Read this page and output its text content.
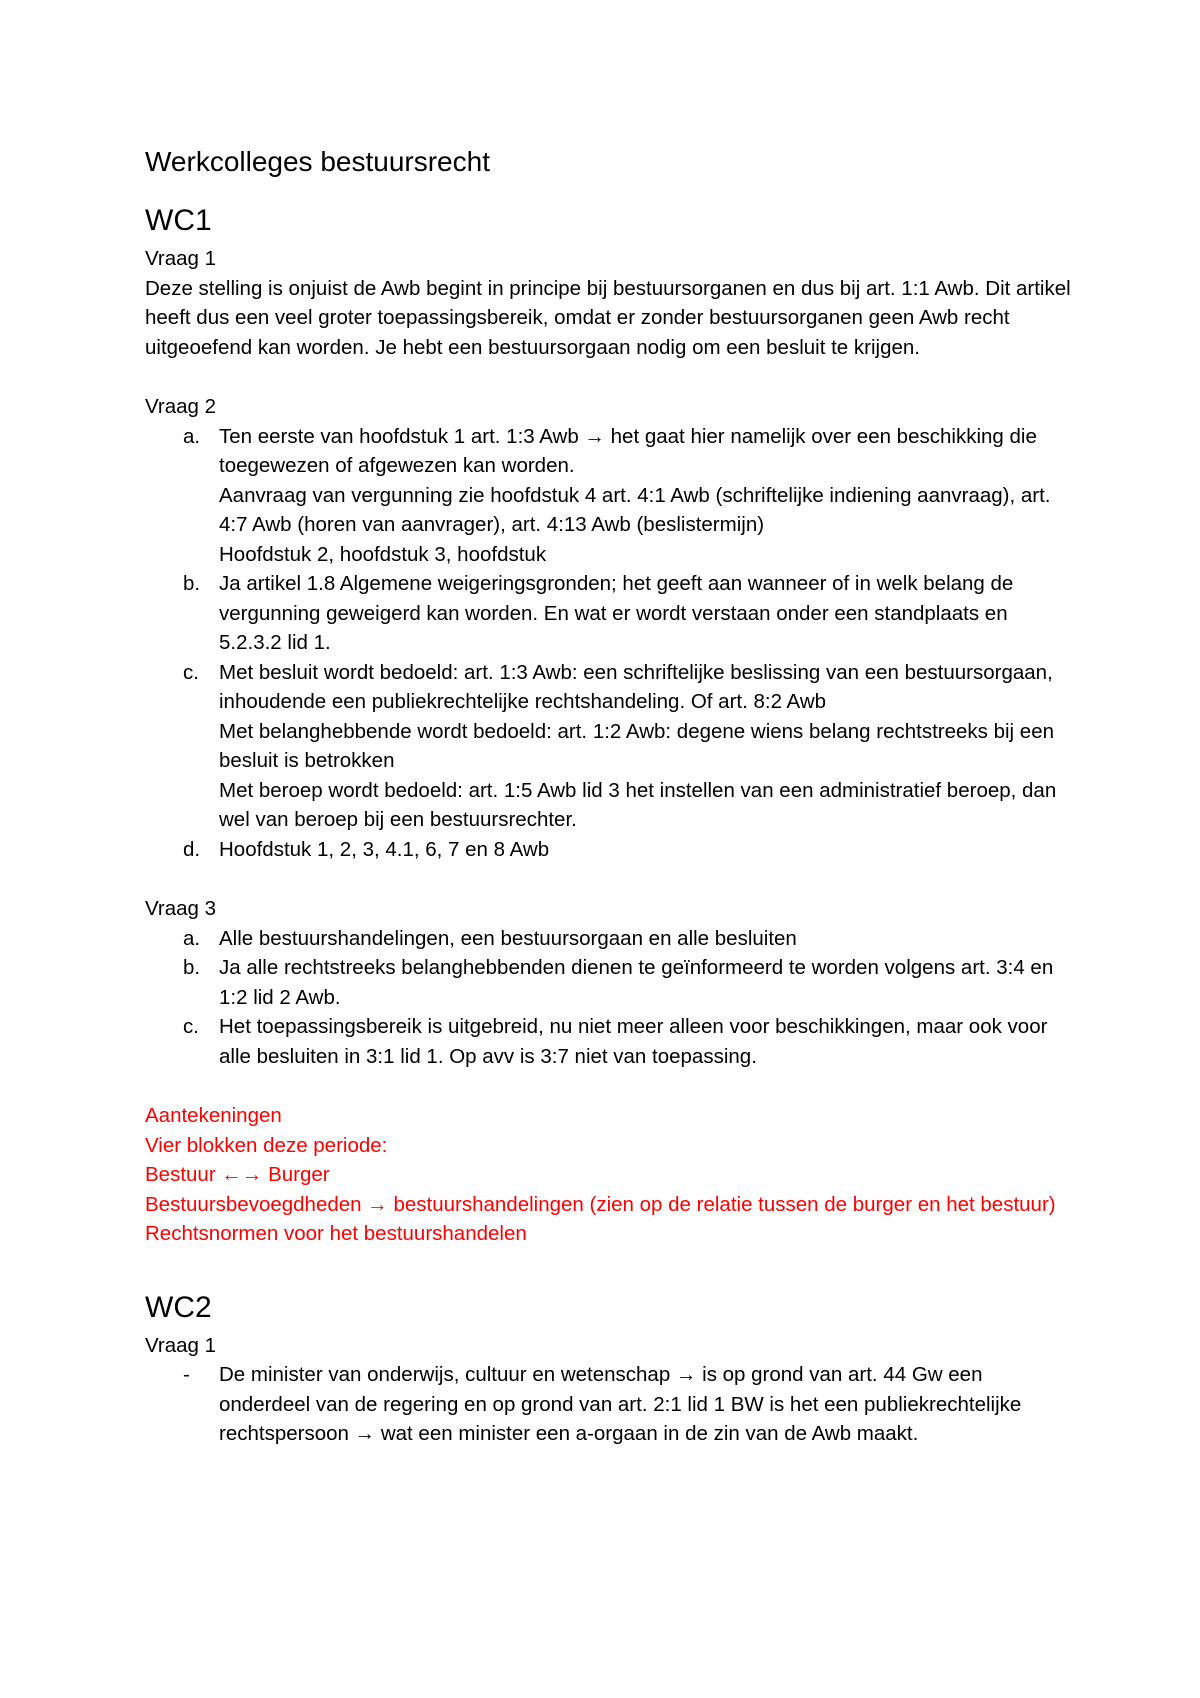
Werkcolleges bestuursrecht
WC1

Vraag 1

Deze stelling is onjuist de Awb begint in principe bij bestuursorganen en dus bij art. 1:1 Awb. Dit artikel heeft dus een veel groter toepassingsbereik, omdat er zonder bestuursorganen geen Awb recht uitgeoefend kan worden. Je hebt een bestuursorgaan nodig om een besluit te krijgen.

Vraag 2

a. Ten eerste van hoofdstuk 1 art. 1:3 Awb → het gaat hier namelijk over een beschikking die toegewezen of afgewezen kan worden.
Aanvraag van vergunning zie hoofdstuk 4 art. 4:1 Awb (schriftelijke indiening aanvraag), art. 4:7 Awb (horen van aanvrager), art. 4:13 Awb (beslistermijn)
Hoofdstuk 2, hoofdstuk 3, hoofdstuk
b. Ja artikel 1.8 Algemene weigeringsgronden; het geeft aan wanneer of in welk belang de vergunning geweigerd kan worden. En wat er wordt verstaan onder een standplaats en 5.2.3.2 lid 1.
c. Met besluit wordt bedoeld: art. 1:3 Awb: een schriftelijke beslissing van een bestuursorgaan, inhoudende een publiekrechtelijke rechtshandeling. Of art. 8:2 Awb
Met belanghebbende wordt bedoeld: art. 1:2 Awb: degene wiens belang rechtstreeks bij een besluit is betrokken
Met beroep wordt bedoeld: art. 1:5 Awb lid 3 het instellen van een administratief beroep, dan wel van beroep bij een bestuursrechter.
d. Hoofdstuk 1, 2, 3, 4.1, 6, 7 en 8 Awb

Vraag 3

a. Alle bestuurshandelingen, een bestuursorgaan en alle besluiten
b. Ja alle rechtstreeks belanghebbenden dienen te geïnformeerd te worden volgens art. 3:4 en 1:2 lid 2 Awb.
c. Het toepassingsbereik is uitgebreid, nu niet meer alleen voor beschikkingen, maar ook voor alle besluiten in 3:1 lid 1. Op avv is 3:7 niet van toepassing.
Aantekeningen
Vier blokken deze periode:
Bestuur ←→ Burger
Bestuursbevoegdheden → bestuurshandelingen (zien op de relatie tussen de burger en het bestuur)
Rechtsnormen voor het bestuurshandelen
WC2

Vraag 1

- De minister van onderwijs, cultuur en wetenschap → is op grond van art. 44 Gw een onderdeel van de regering en op grond van art. 2:1 lid 1 BW is het een publiekrechtelijke rechtspersoon → wat een minister een a-orgaan in de zin van de Awb maakt.
